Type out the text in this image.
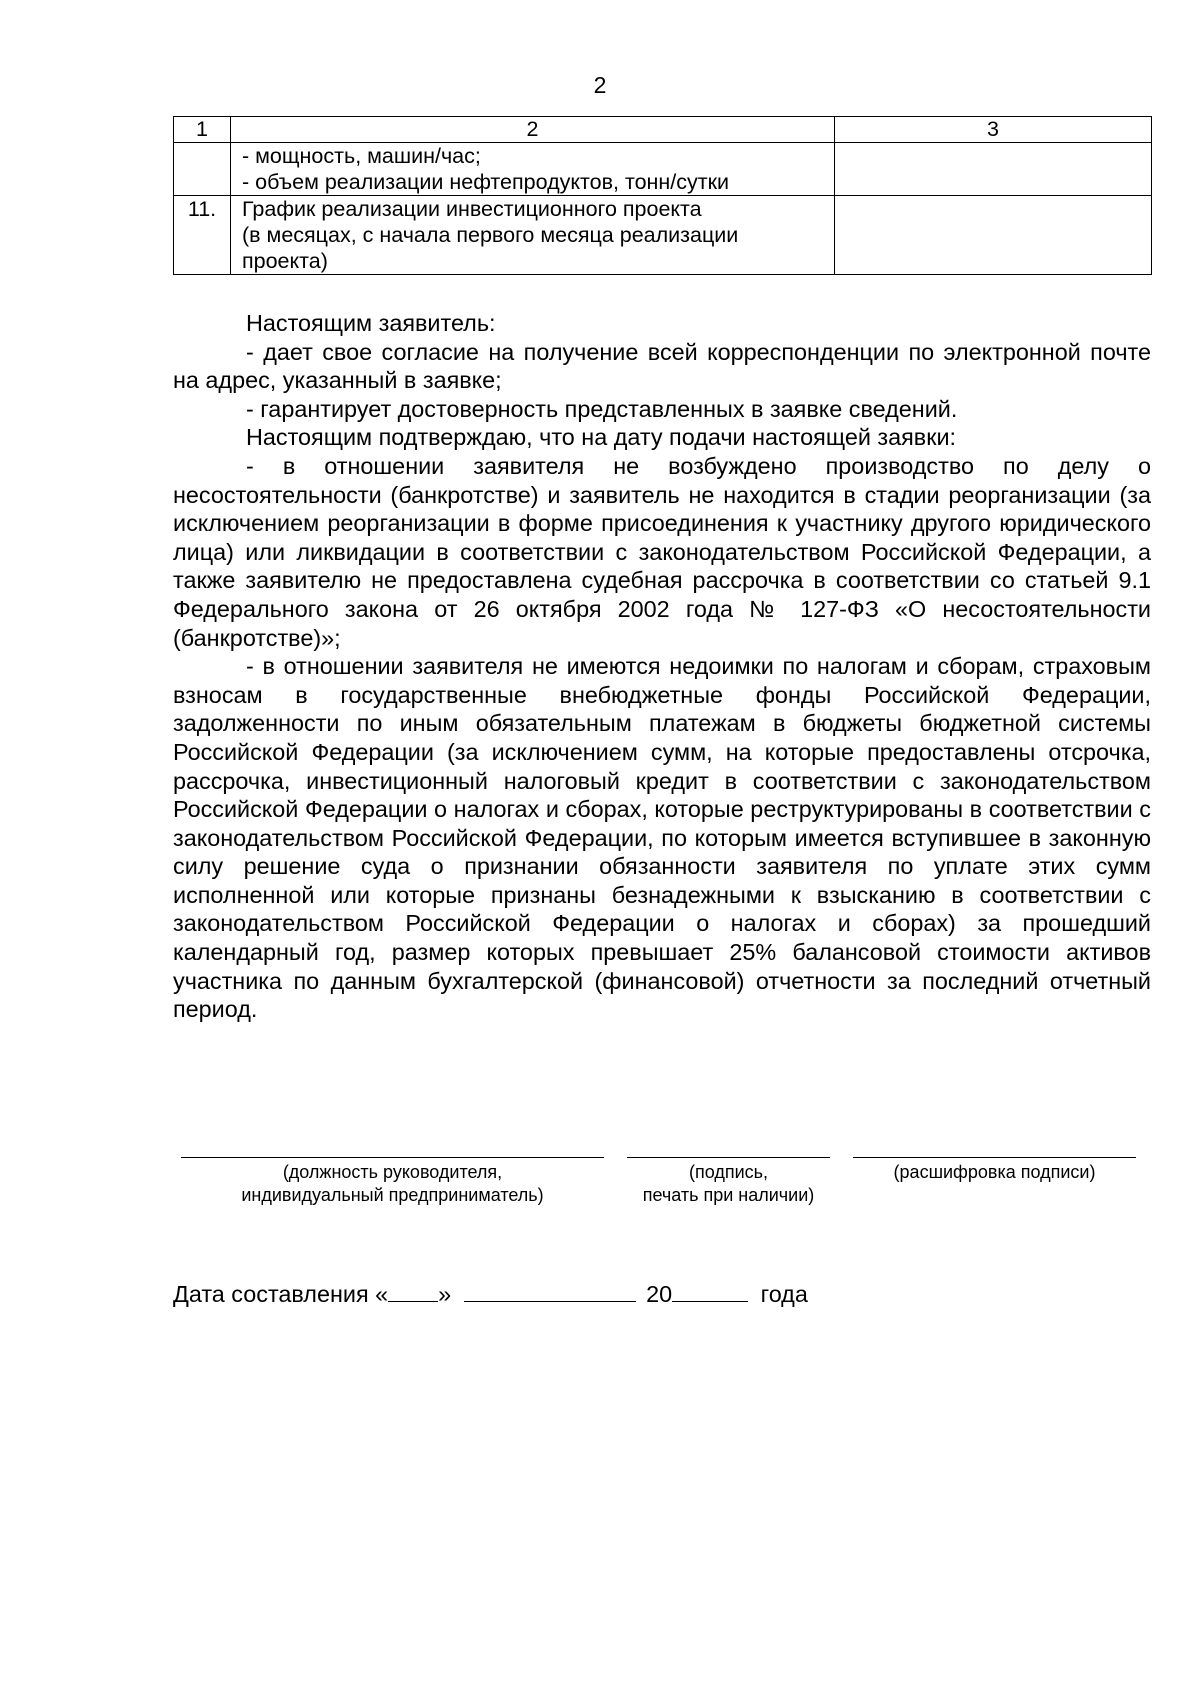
2
1	2	3

	- мощность, машин/час;
- объем реализации нефтепродуктов, тонн/сутки	

11.	График реализации инвестиционного проекта
(в месяцах, с начала первого месяца реализации
проекта)	

Настоящим заявитель:

- дает свое согласие на получение всей корреспонденции по электронной почте на адрес, указанный в заявке;

- гарантирует достоверность представленных в заявке сведений.

Настоящим подтверждаю, что на дату подачи настоящей заявки:

- в отношении заявителя не возбуждено производство по делу о несостоятельности (банкротстве) и заявитель не находится в стадии реорганизации (за исключением реорганизации в форме присоединения к участнику другого юридического лица) или ликвидации в соответствии с законодательством Российской Федерации, а также заявителю не предоставлена судебная рассрочка в соответствии со статьей 9.1 Федерального закона от 26 октября 2002 года № 127-ФЗ «О несостоятельности (банкротстве)»;

- в отношении заявителя не имеются недоимки по налогам и сборам, страховым взносам в государственные внебюджетные фонды Российской Федерации, задолженности по иным обязательным платежам в бюджеты бюджетной системы Российской Федерации (за исключением сумм, на которые предоставлены отсрочка, рассрочка, инвестиционный налоговый кредит в соответствии с законодательством Российской Федерации о налогах и сборах, которые реструктурированы в соответствии с законодательством Российской Федерации, по которым имеется вступившее в законную силу решение суда о признании обязанности заявителя по уплате этих сумм исполненной или которые признаны безнадежными к взысканию в соответствии с законодательством Российской Федерации о налогах и сборах) за прошедший календарный год, размер которых превышает 25% балансовой стоимости активов участника по данным бухгалтерской (финансовой) отчетности за последний отчетный период.

(должность руководителя,
индивидуальный предприниматель)
(подпись,
печать при наличии)
(расшифровка подписи)
Дата составления « »	20	года
